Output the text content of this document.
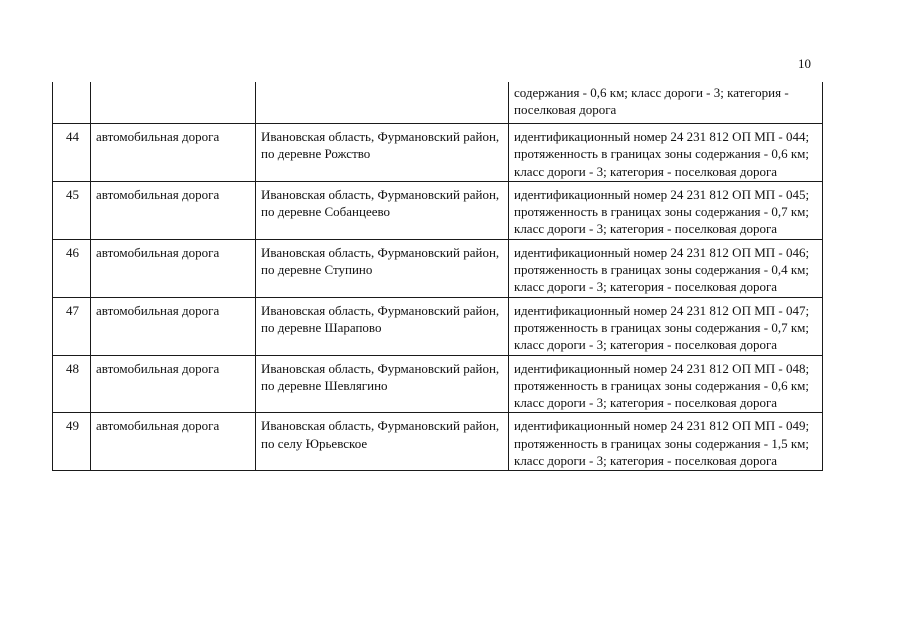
10
			содержания - 0,6 км; класс дороги - 3; категория - поселковая дорога
44	автомобильная дорога	Ивановская область, Фурмановский район, по деревне Рожство	идентификационный номер 24 231 812 ОП МП - 044; протяженность в границах зоны содержания - 0,6 км; класс дороги - 3; категория - поселковая дорога
45	автомобильная дорога	Ивановская область, Фурмановский район, по деревне Собанцеево	идентификационный номер 24 231 812 ОП МП - 045; протяженность в границах зоны содержания - 0,7 км; класс дороги - 3; категория - поселковая дорога
46	автомобильная дорога	Ивановская область, Фурмановский район, по деревне Ступино	идентификационный номер 24 231 812 ОП МП - 046; протяженность в границах зоны содержания - 0,4 км; класс дороги - 3; категория - поселковая дорога
47	автомобильная дорога	Ивановская область, Фурмановский район, по деревне Шарапово	идентификационный номер 24 231 812 ОП МП - 047; протяженность в границах зоны содержания - 0,7 км; класс дороги - 3; категория - поселковая дорога
48	автомобильная дорога	Ивановская область, Фурмановский район, по деревне Шевлягино	идентификационный номер 24 231 812 ОП МП - 048; протяженность в границах зоны содержания - 0,6 км; класс дороги - 3; категория - поселковая дорога
49	автомобильная дорога	Ивановская область, Фурмановский район, по селу Юрьевское	идентификационный номер 24 231 812 ОП МП - 049; протяженность в границах зоны содержания - 1,5 км; класс дороги - 3; категория - поселковая дорога
